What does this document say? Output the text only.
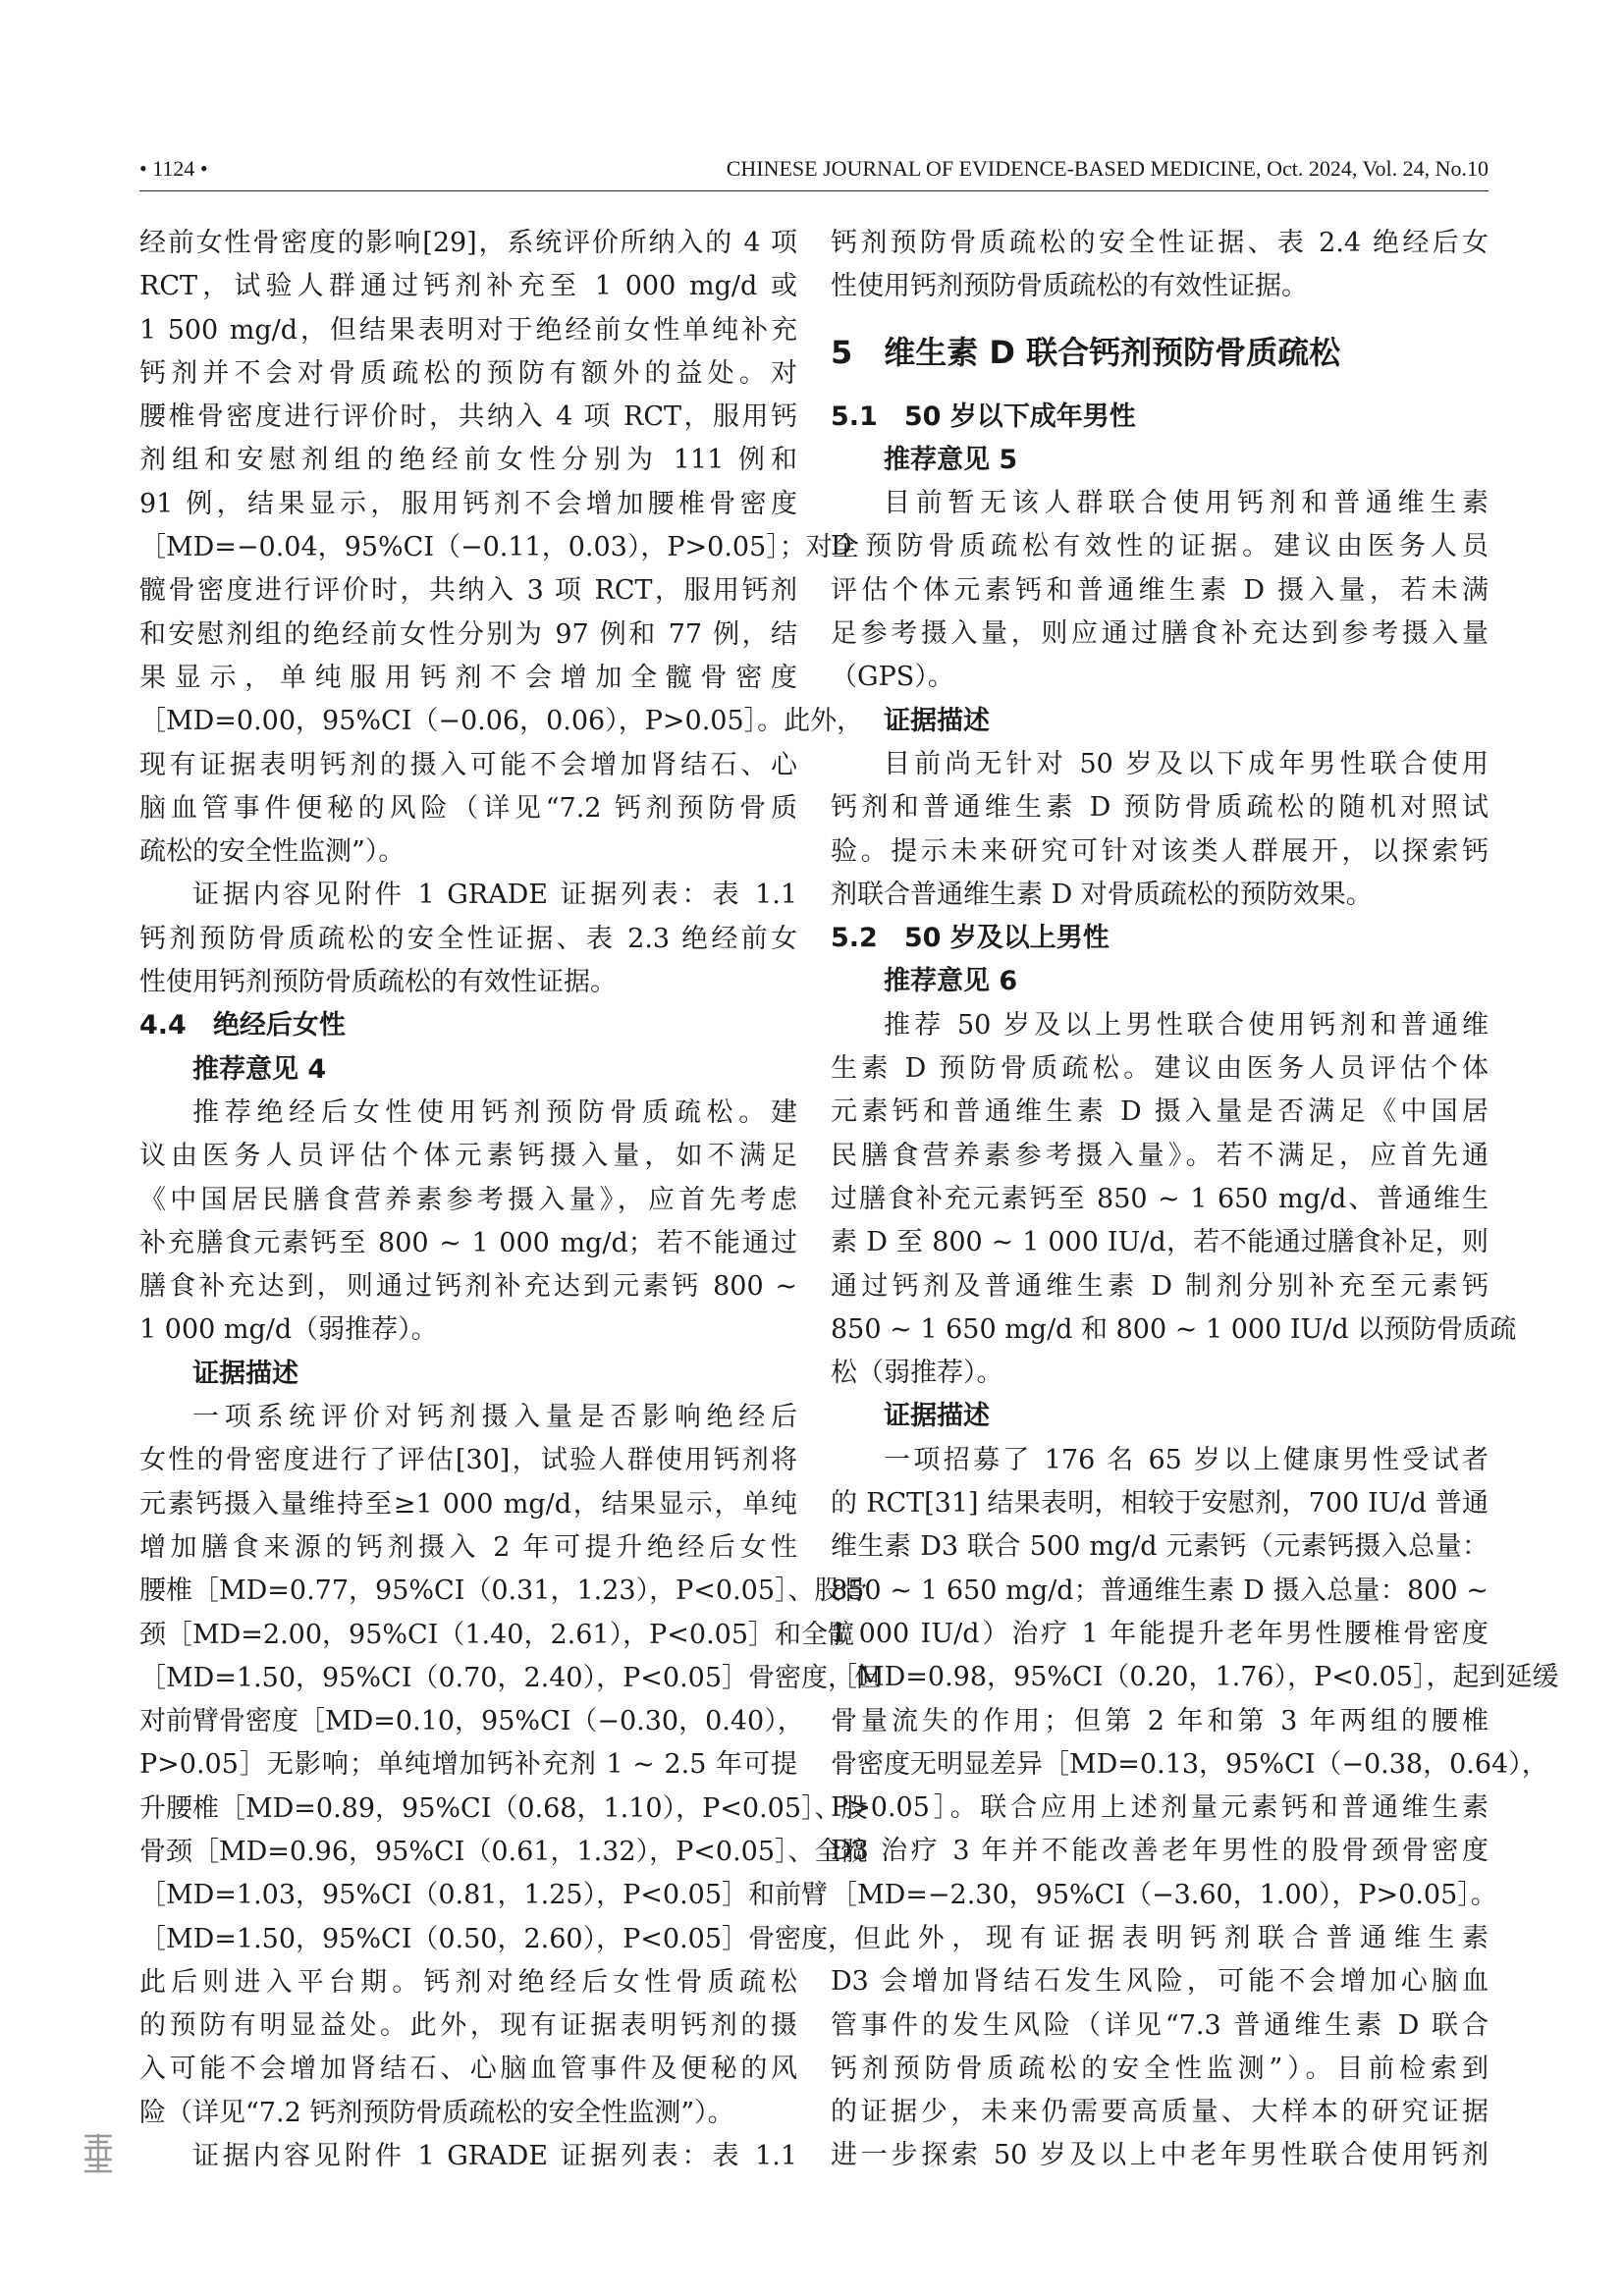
• 1124 •	CHINESE JOURNAL OF EVIDENCE-BASED MEDICINE, Oct. 2024, Vol. 24, No.10
经前女性骨密度的影响[29]，系统评价所纳入的 4 项
RCT，试验人群通过钙剂补充至 1 000 mg/d 或
1 500 mg/d，但结果表明对于绝经前女性单纯补充
钙剂并不会对骨质疏松的预防有额外的益处。对
腰椎骨密度进行评价时，共纳入 4 项 RCT，服用钙
剂组和安慰剂组的绝经前女性分别为 111 例和
91 例，结果显示，服用钙剂不会增加腰椎骨密度
［MD=−0.04，95%CI（−0.11，0.03），P>0.05］；对全
髋骨密度进行评价时，共纳入 3 项 RCT，服用钙剂
和安慰剂组的绝经前女性分别为 97 例和 77 例，结
果显示，单纯服用钙剂不会增加全髋骨密度
［MD=0.00，95%CI（−0.06，0.06），P>0.05］。此外，
现有证据表明钙剂的摄入可能不会增加肾结石、心
脑血管事件便秘的风险（详见“7.2 钙剂预防骨质
疏松的安全性监测”）。
证据内容见附件 1 GRADE 证据列表：表 1.1
钙剂预防骨质疏松的安全性证据、表 2.3 绝经前女
性使用钙剂预防骨质疏松的有效性证据。
4.4　绝经后女性
推荐意见 4
推荐绝经后女性使用钙剂预防骨质疏松。建
议由医务人员评估个体元素钙摄入量，如不满足
《中国居民膳食营养素参考摄入量》，应首先考虑
补充膳食元素钙至 800 ~ 1 000 mg/d；若不能通过
膳食补充达到，则通过钙剂补充达到元素钙 800 ~
1 000 mg/d（弱推荐）。
证据描述
一项系统评价对钙剂摄入量是否影响绝经后
女性的骨密度进行了评估[30]，试验人群使用钙剂将
元素钙摄入量维持至≥1 000 mg/d，结果显示，单纯
增加膳食来源的钙剂摄入 2 年可提升绝经后女性
腰椎［MD=0.77，95%CI（0.31，1.23），P<0.05］、股骨
颈［MD=2.00，95%CI（1.40，2.61），P<0.05］和全髋
［MD=1.50，95%CI（0.70，2.40），P<0.05］骨密度，但
对前臂骨密度［MD=0.10，95%CI（−0.30，0.40），
P>0.05］无影响；单纯增加钙补充剂 1 ~ 2.5 年可提
升腰椎［MD=0.89，95%CI（0.68，1.10），P<0.05］、股
骨颈［MD=0.96，95%CI（0.61，1.32），P<0.05］、全髋
［MD=1.03，95%CI（0.81，1.25），P<0.05］和前臂
［MD=1.50，95%CI（0.50，2.60），P<0.05］骨密度，但
此后则进入平台期。钙剂对绝经后女性骨质疏松
的预防有明显益处。此外，现有证据表明钙剂的摄
入可能不会增加肾结石、心脑血管事件及便秘的风
险（详见“7.2 钙剂预防骨质疏松的安全性监测”）。
证据内容见附件 1 GRADE 证据列表：表 1.1
钙剂预防骨质疏松的安全性证据、表 2.4 绝经后女
性使用钙剂预防骨质疏松的有效性证据。
5　维生素 D 联合钙剂预防骨质疏松
5.1　50 岁以下成年男性
推荐意见 5
目前暂无该人群联合使用钙剂和普通维生素
D 预防骨质疏松有效性的证据。建议由医务人员
评估个体元素钙和普通维生素 D 摄入量，若未满
足参考摄入量，则应通过膳食补充达到参考摄入量
（GPS）。
证据描述
目前尚无针对 50 岁及以下成年男性联合使用
钙剂和普通维生素 D 预防骨质疏松的随机对照试
验。提示未来研究可针对该类人群展开，以探索钙
剂联合普通维生素 D 对骨质疏松的预防效果。
5.2　50 岁及以上男性
推荐意见 6
推荐 50 岁及以上男性联合使用钙剂和普通维
生素 D 预防骨质疏松。建议由医务人员评估个体
元素钙和普通维生素 D 摄入量是否满足《中国居
民膳食营养素参考摄入量》。若不满足，应首先通
过膳食补充元素钙至 850 ~ 1 650 mg/d、普通维生
素 D 至 800 ~ 1 000 IU/d，若不能通过膳食补足，则
通过钙剂及普通维生素 D 制剂分别补充至元素钙
850 ~ 1 650 mg/d 和 800 ~ 1 000 IU/d 以预防骨质疏
松（弱推荐）。
证据描述
一项招募了 176 名 65 岁以上健康男性受试者
的 RCT[31] 结果表明，相较于安慰剂，700 IU/d 普通
维生素 D3 联合 500 mg/d 元素钙（元素钙摄入总量：
850 ~ 1 650 mg/d；普通维生素 D 摄入总量：800 ~
1 000 IU/d）治疗 1 年能提升老年男性腰椎骨密度
［MD=0.98，95%CI（0.20，1.76），P<0.05］，起到延缓
骨量流失的作用；但第 2 年和第 3 年两组的腰椎
骨密度无明显差异［MD=0.13，95%CI（−0.38，0.64），
P>0.05］。联合应用上述剂量元素钙和普通维生素
D3 治疗 3 年并不能改善老年男性的股骨颈骨密度
［MD=−2.30，95%CI（−3.60，1.00），P>0.05］。
此外，现有证据表明钙剂联合普通维生素
D3 会增加肾结石发生风险，可能不会增加心脑血
管事件的发生风险（详见“7.3 普通维生素 D 联合
钙剂预防骨质疏松的安全性监测”）。目前检索到
的证据少，未来仍需要高质量、大样本的研究证据
进一步探索 50 岁及以上中老年男性联合使用钙剂
